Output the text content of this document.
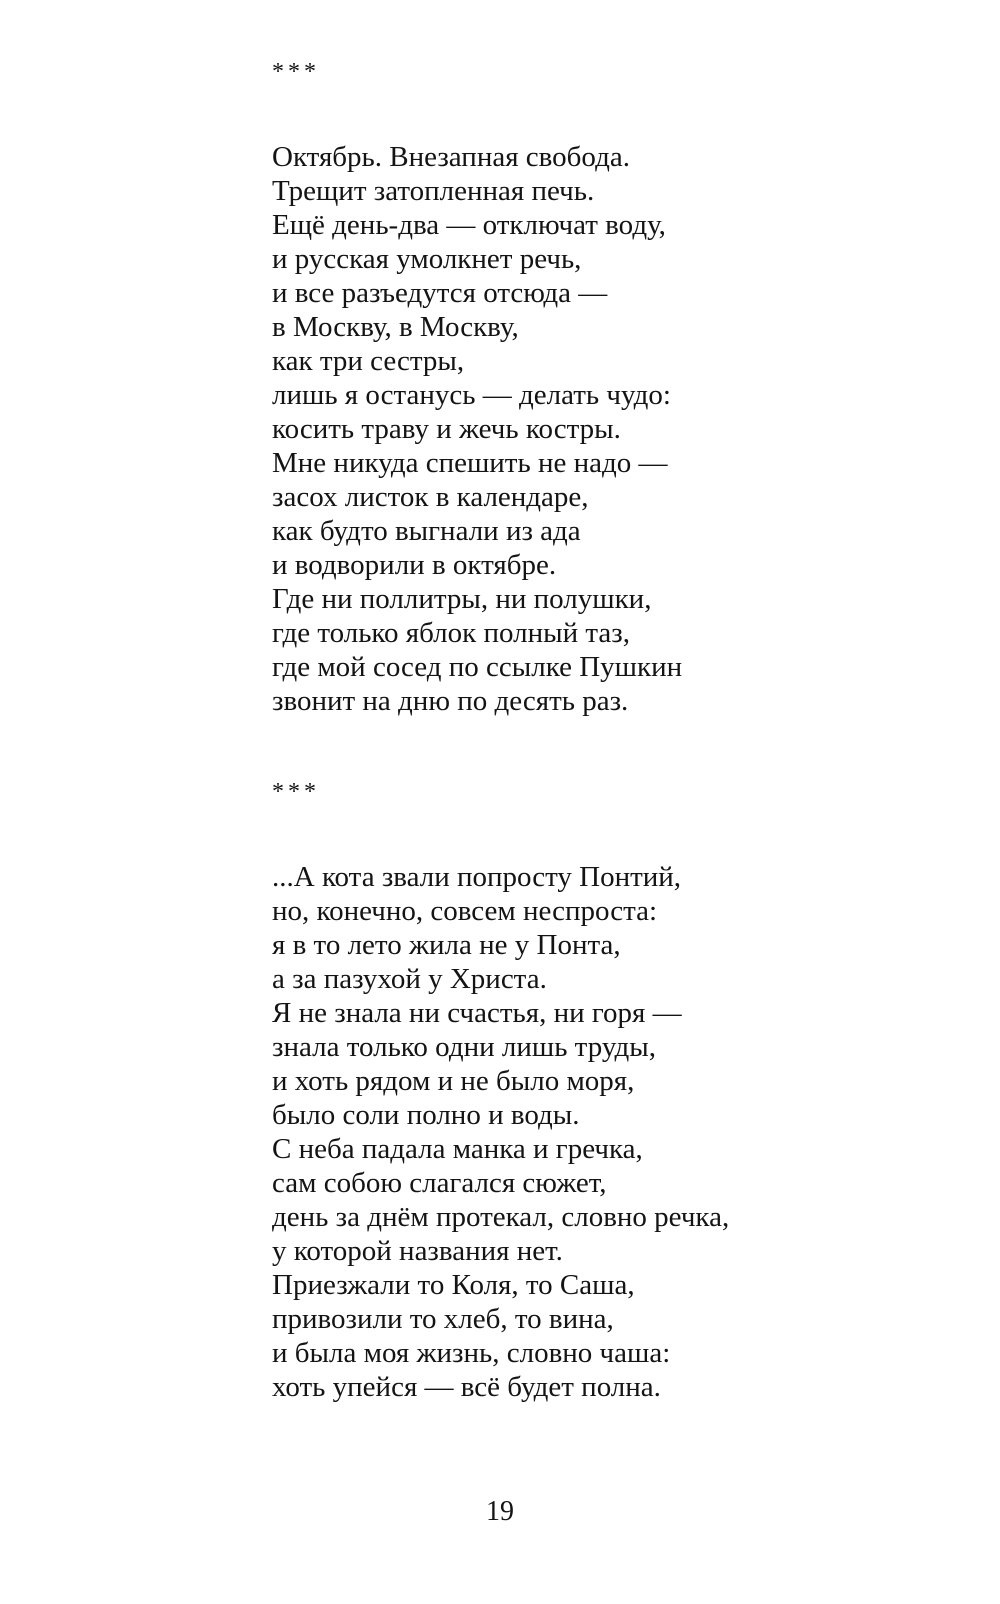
***
Октябрь. Внезапная свобода.
Трещит затопленная печь.
Ещё день-два — отключат воду,
и русская умолкнет речь,
и все разъедутся отсюда —
в Москву, в Москву,
как три сестры,
лишь я останусь — делать чудо:
косить траву и жечь костры.
Мне никуда спешить не надо —
засох листок в календаре,
как будто выгнали из ада
и водворили в октябре.
Где ни поллитры, ни полушки,
где только яблок полный таз,
где мой сосед по ссылке Пушкин
звонит на дню по десять раз.
***
...А кота звали попросту Понтий,
но, конечно, совсем неспроста:
я в то лето жила не у Понта,
а за пазухой у Христа.
Я не знала ни счастья, ни горя —
знала только одни лишь труды,
и хоть рядом и не было моря,
было соли полно и воды.
С неба падала манка и гречка,
сам собою слагался сюжет,
день за днём протекал, словно речка,
у которой названия нет.
Приезжали то Коля, то Саша,
привозили то хлеб, то вина,
и была моя жизнь, словно чаша:
хоть упейся — всё будет полна.
19
